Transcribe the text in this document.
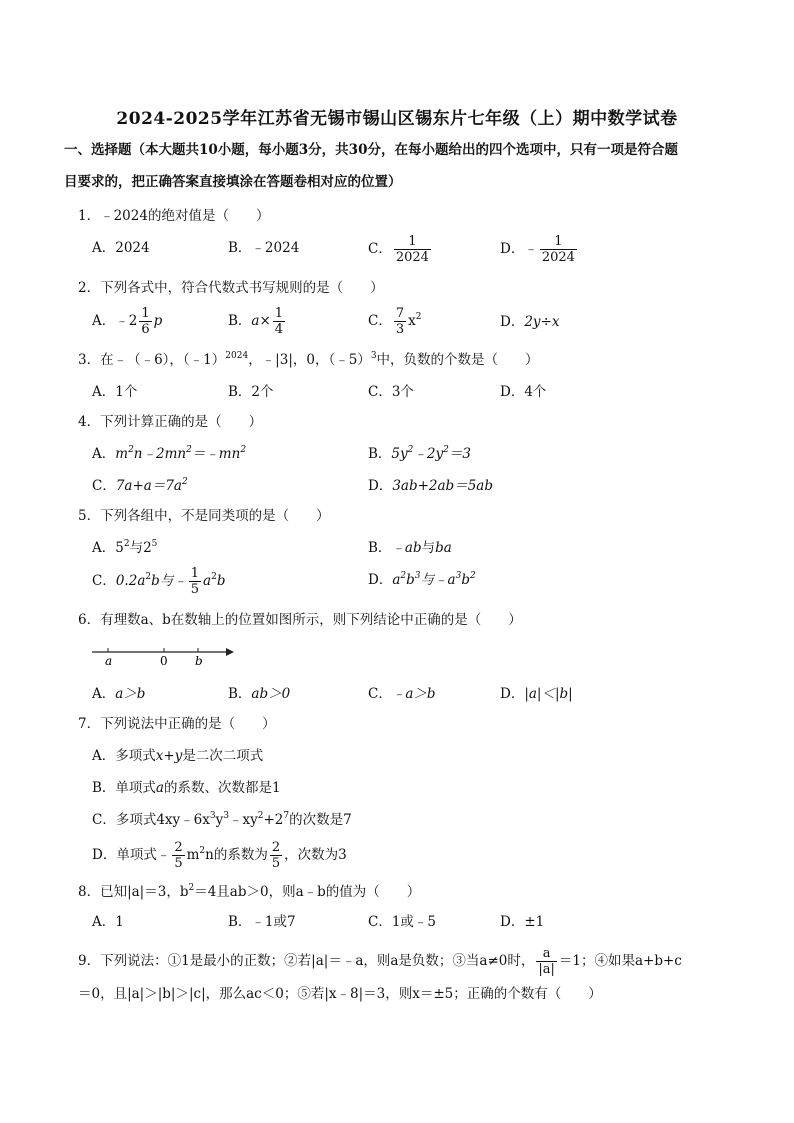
2024-2025学年江苏省无锡市锡山区锡东片七年级（上）期中数学试卷
一、选择题（本大题共10小题，每小题3分，共30分，在每小题给出的四个选项中，只有一项是符合题
目要求的，把正确答案直接填涂在答题卷相对应的位置）
1．﹣2024的绝对值是（　　）
A．2024	B．﹣2024	C． $\frac{1}{2024}$	D．﹣ $\frac{1}{2024}$
2．下列各式中，符合代数式书写规则的是（　　）
A．﹣2 $\frac{1}{6}$ p	B．$a\times \frac{1}{4}$	C． $\frac{7}{3} x^2$	D．2y÷x
3．在﹣（﹣6），（﹣1）$^{2024}$，﹣|3|，0，（﹣5）$^3$中，负数的个数是（　　）
A．1个	B．2个	C．3个	D．4个
4．下列计算正确的是（　　）
A．$m^2n﹣2mn^2=﹣mn^2$	B．$5y^2﹣2y^2=3$
C．$7a+a=7a^2$	D．3ab+2ab＝5ab
5．下列各组中，不是同类项的是（　　）
A．$5^2$与$2^5$	B．﹣ab与ba
C．$0.2a^2b$与﹣ $\frac{1}{5} a^2b$	D．$a^2b^3$与$﹣a^3b^2$
6．有理数a、b在数轴上的位置如图所示，则下列结论中正确的是（　　）
a	0 b
A．a＞b	B．ab＞0	C．﹣a＞b	D．|a|＜|b|
7．下列说法中正确的是（　　）
A．多项式x+y是二次二项式
B．单项式a的系数、次数都是1
C．多项式$4xy﹣6x^3y^3﹣xy^2+2^7$的次数是7
D．单项式﹣ $\frac{2}{5} m^2n$的系数为 $\frac{2}{5}$ ，次数为3
8．已知|a|＝3，$b^2=4$且ab＞0，则a﹣b的值为（　　）
A．1	B．﹣1或7	C．1或﹣5	D．±1
9．下列说法：①1是最小的正数；②若|a|＝﹣a，则a是负数；③当a≠0时， $\frac{a}{|a|} =1$；④如果a+b+c
＝0，且|a|＞|b|＞|c|，那么ac＜0；⑤若|x﹣8|＝3，则x＝±5；正确的个数有（　　）
